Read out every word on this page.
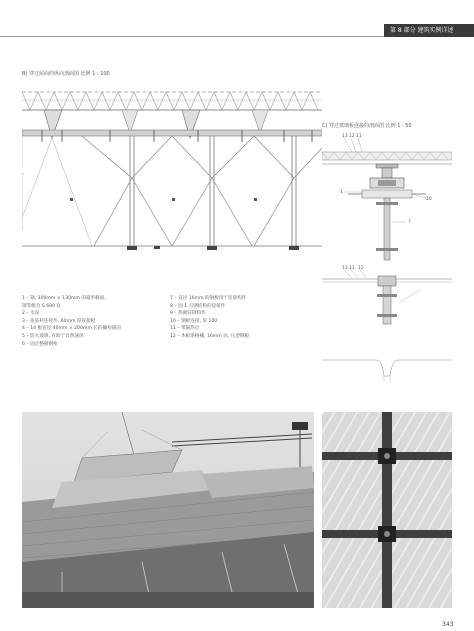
第 8 部分 建筑实例详述
B) 穿过屋面的纵向剖面图 比例 1 : 100
C) 穿过玻璃板连接的剖面图 比例 1 : 50
13 12 11
1
7
10
13 11 12
1 – 钢, 300mm × 130mm 的箱形截面,
钢等级为 S 690 Q
2 – 水泥
3 – 张弦杆连接件, 60mm 厚连接板
4 – 14 根直径 40mm × 200mm 长的螺栓锚固
5 – 防火玻璃, 有助于自然通风
6 – 固定整板钢桁
7 – 直径 16mm 的钢板用于连接构件
8 – 固 1 点钢结构的驳接件
9 – 热镀锌钢构件
10 – 钢板连接, 厚 100
11 – 带隔热层
12 – 木板条格栅, 16mm 高, 压型钢板
343
